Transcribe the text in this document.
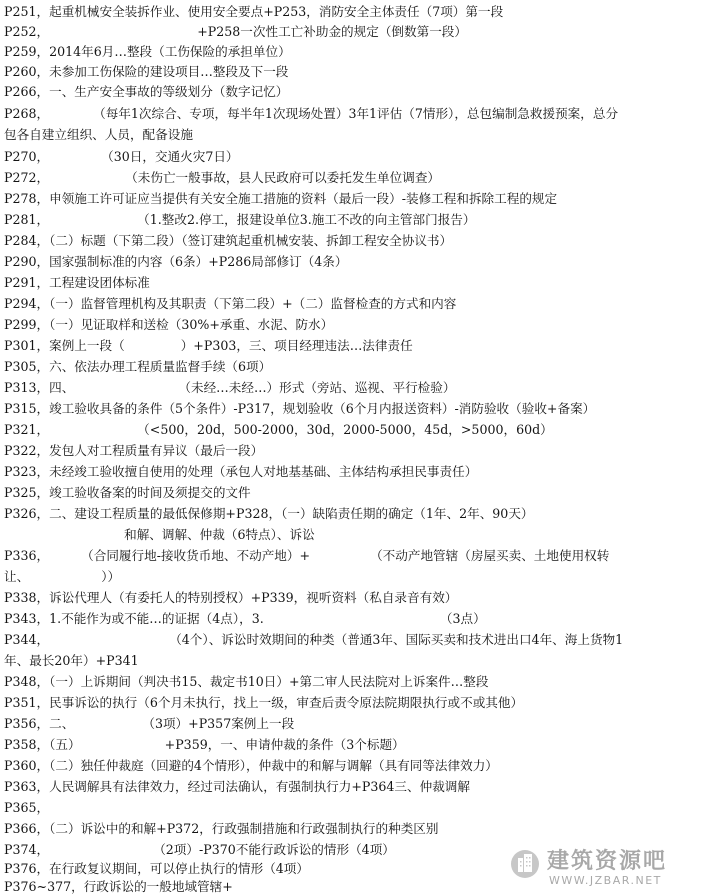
P251，起重机械安全装拆作业、使用安全要点+P253，消防安全主体责任（7项）第一段
P252，                                     +P258一次性工亡补助金的规定（倒数第一段）
P259，2014年6月…整段（工伤保险的承担单位）
P260，未参加工伤保险的建设项目…整段及下一段
P266，一、生产安全事故的等级划分（数字记忆）
P268，           （每年1次综合、专项，每半年1次现场处置）3年1评估（7情形），总包编制急救援预案，总分
包各自建立组织、人员，配备设施
P270，             （30日，交通火灾7日）
P272，                   （未伤亡一般事故，县人民政府可以委托发生单位调查）
P278，申领施工许可证应当提供有关安全施工措施的资料（最后一段）-装修工程和拆除工程的规定
P281，                      （1.整改2.停工，报建设单位3.施工不改的向主管部门报告）
P284，（二）标题（下第二段）（签订建筑起重机械安装、拆卸工程安全协议书）
P290，国家强制标准的内容（6条）+P286局部修订（4条）
P291，工程建设团体标准
P294，（一）监督管理机构及其职责（下第二段）+（二）监督检查的方式和内容
P299，（一）见证取样和送检（30%+承重、水泥、防水）
P301，案例上一段（              ）+P303，三、项目经理违法…法律责任
P305，六、依法办理工程质量监督手续（6项）
P313，四、                          （未经…未经…）形式（旁站、巡视、平行检验）
P315，竣工验收具备的条件（5个条件）-P317，规划验收（6个月内报送资料）-消防验收（验收+备案）
P321，                      （<500，20d，500-2000，30d，2000-5000，45d，>5000，60d）
P322，发包人对工程质量有异议（最后一段）
P323，未经竣工验收擅自使用的处理（承包人对地基基础、主体结构承担民事责任）
P325，竣工验收备案的时间及须提交的文件
P326，二、建设工程质量的最低保修期+P328，（一）缺陷责任期的确定（1年、2年、90天）
和解、调解、仲裁（6特点）、诉讼
P336，        （合同履行地-接收货币地、不动产地）+               （不动产地管辖（房屋买卖、土地使用权转
让、                  ））
P338，诉讼代理人（有委托人的特别授权）+P339，视听资料（私自录音有效）
P343，1.不能作为或不能…的证据（4点），3.                                            （3点）
P344，                              （4个）、诉讼时效期间的种类（普通3年、国际买卖和技术进出口4年、海上货物1
年、最长20年）+P341
P348，（一）上诉期间（判决书15、裁定书10日）+第二审人民法院对上诉案件…整段
P351，民事诉讼的执行（6个月未执行，找上一级，审查后责令原法院期限执行或不或其他）
P356，二、                 （3项）+P357案例上一段
P358，（五）                     +P359，一、申请仲裁的条件（3个标题）
P360，（二）独任仲裁庭（回避的4个情形），仲裁中的和解与调解（具有同等法律效力）
P363，人民调解具有法律效力，经过司法确认，有强制执行力+P364三、仲裁调解
P365，
P366，（二）诉讼中的和解+P372，行政强制措施和行政强制执行的种类区别
P374，                          （2项）-P370不能行政诉讼的情形（4项）
P376，在行政复议期间，可以停止执行的情形（4项）
P376~377，行政诉讼的一般地域管辖+
建筑资源吧
WWW.JZBAR.NET
